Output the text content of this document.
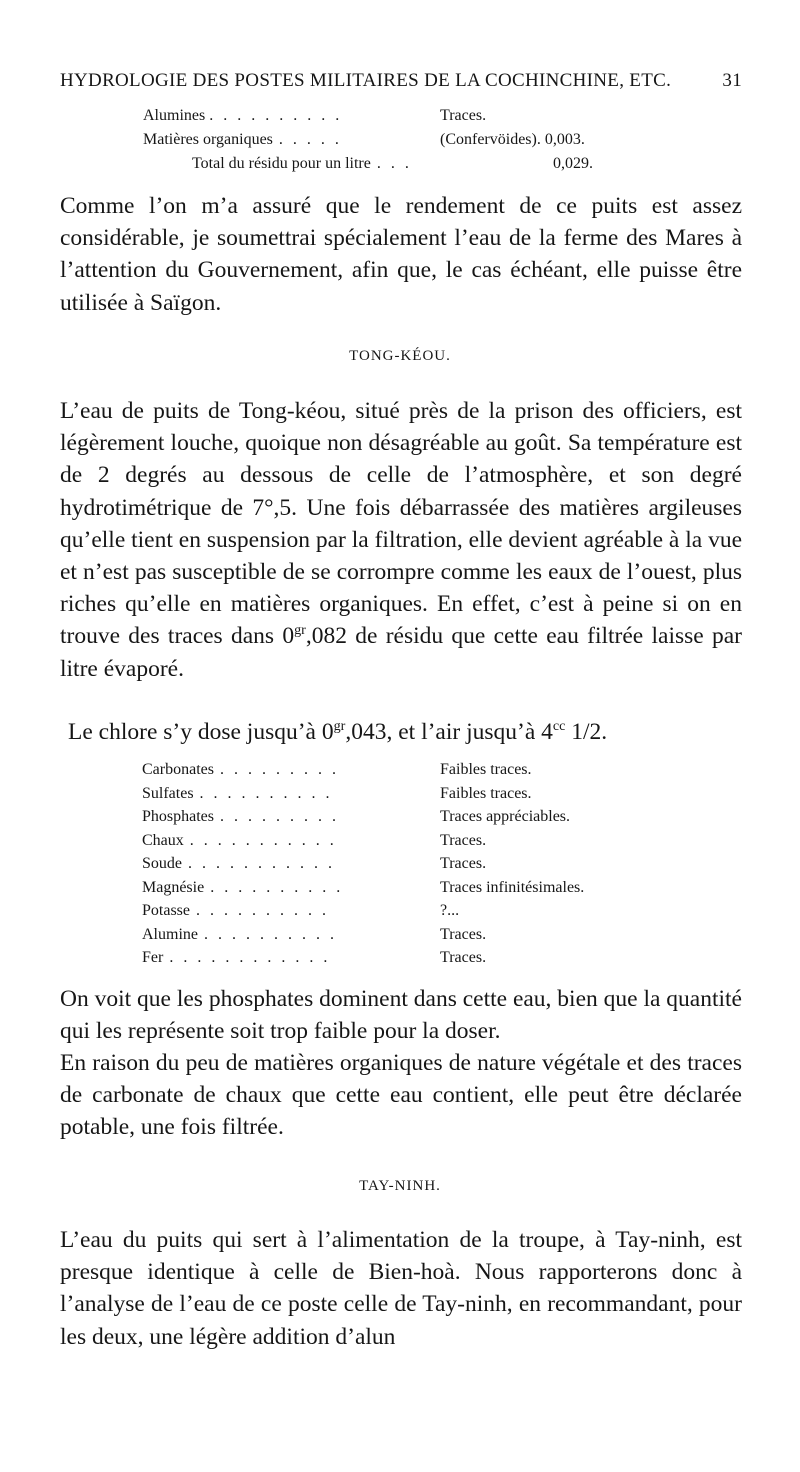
HYDROLOGIE DES POSTES MILITAIRES DE LA COCHINCHINE, ETC.	31
Alumines . . . . . . . . . .	Traces.
Matières organiques . . . . .	(Confervöides). 0,003.
Total du résidu pour un litre . . .	0,029.

Comme l’on m’a assuré que le rendement de ce puits est assez considérable, je soumettrai spécialement l’eau de la ferme des Mares à l’attention du Gouvernement, afin que, le cas échéant, elle puisse être utilisée à Saïgon.

TONG-KÉOU.

L’eau de puits de Tong-kéou, situé près de la prison des officiers, est légèrement louche, quoique non désagréable au goût. Sa température est de 2 degrés au dessous de celle de l’atmosphère, et son degré hydrotimétrique de 7°,5. Une fois débarrassée des matières argileuses qu’elle tient en suspension par la filtration, elle devient agréable à la vue et n’est pas susceptible de se corrompre comme les eaux de l’ouest, plus riches qu’elle en matières organiques. En effet, c’est à peine si on en trouve des traces dans $0^{gr},082$ de résidu que cette eau filtrée laisse par litre évaporé.

Le chlore s’y dose jusqu’à $0^{gr},043$, et l’air jusqu’à $4^{cc}$ 1/2.

Carbonates . . . . . . . . .	Faibles traces.
Sulfates . . . . . . . . . .	Faibles traces.
Phosphates . . . . . . . . .	Traces appréciables.
Chaux . . . . . . . . . . .	Traces.
Soude . . . . . . . . . . .	Traces.
Magnésie . . . . . . . . . .	Traces infinitésimales.
Potasse . . . . . . . . . .	?...
Alumine . . . . . . . . . .	Traces.
Fer . . . . . . . . . . . .	Traces.

On voit que les phosphates dominent dans cette eau, bien que la quantité qui les représente soit trop faible pour la doser.

En raison du peu de matières organiques de nature végétale et des traces de carbonate de chaux que cette eau contient, elle peut être déclarée potable, une fois filtrée.

TAY-NINH.

L’eau du puits qui sert à l’alimentation de la troupe, à Tay-ninh, est presque identique à celle de Bien-hoà. Nous rapporterons donc à l’analyse de l’eau de ce poste celle de Tay-ninh, en recommandant, pour les deux, une légère addition d’alun
